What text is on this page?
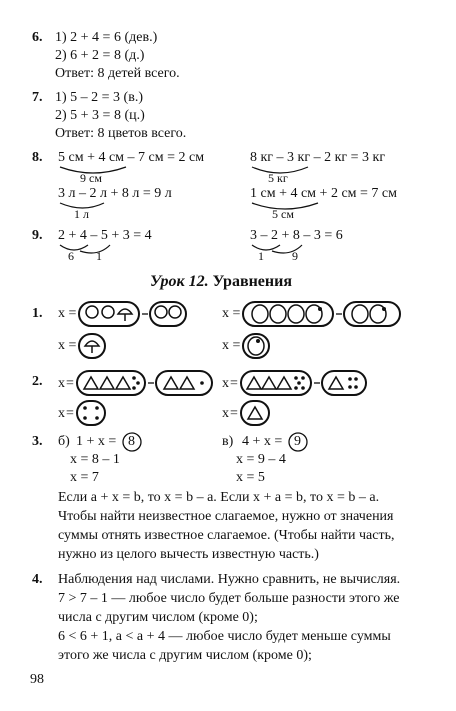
6. 1) 2 + 4 = 6 (дев.)
2) 6 + 2 = 8 (д.)
Ответ: 8 детей всего.
7. 1) 5 – 2 = 3 (в.)
2) 5 + 3 = 8 (ц.)
Ответ: 8 цветов всего.
8. 5 см + 4 см – 7 см = 2 см
9 см
3 л – 2 л + 8 л = 9 л
1 л
8 кг – 3 кг – 2 кг = 3 кг
5 кг
1 см + 4 см + 2 см = 7 см
5 см
9. 2 + 4 – 5 + 3 = 4
6 1
3 – 2 + 8 – 3 = 6
1 9
Урок 12. Уравнения
1. x =
x =
x =
x =
2. x =
x =
x =
x =
3. б) 1 + x = 8
x = 8 – 1
x = 7
в) 4 + x = 9
x = 9 – 4
x = 5
Если a + x = b, то x = b – a. Если x + a = b, то x = b – a.
Чтобы найти неизвестное слагаемое, нужно от значения
суммы отнять известное слагаемое. (Чтобы найти часть,
нужно из целого вычесть известную часть.)
4. Наблюдения над числами. Нужно сравнить, не вычисляя.
7 > 7 – 1 — любое число будет больше разности этого же
числа с другим числом (кроме 0);
6 < 6 + 1, a < a + 4 — любое число будет меньше суммы
этого же числа с другим числом (кроме 0);
98
